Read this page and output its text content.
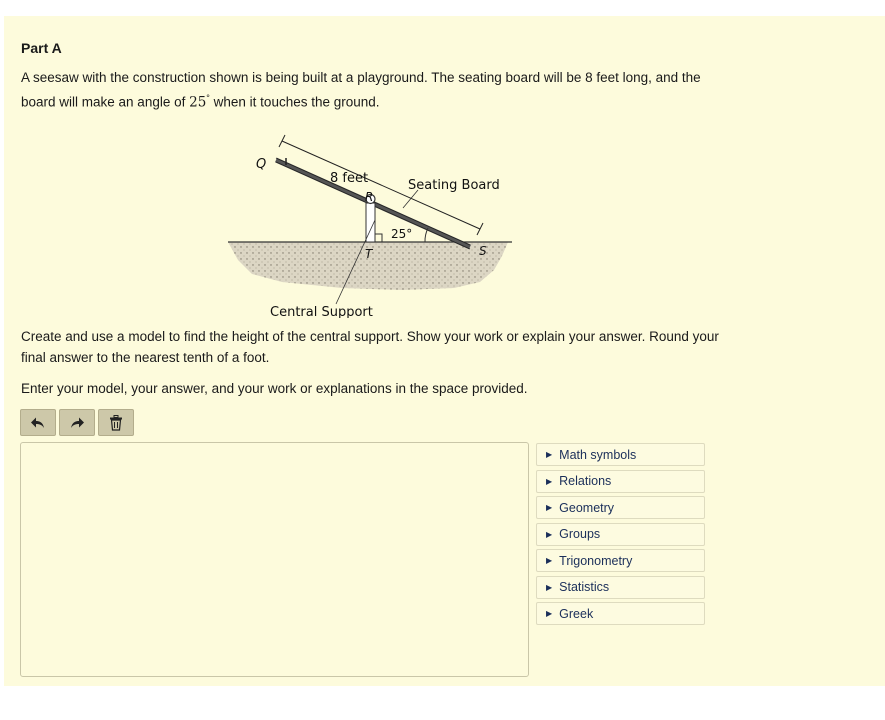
Part A

A seesaw with the construction shown is being built at a playground. The seating board will be 8 feet long, and the board will make an angle of 25° when it touches the ground.

Q
8 feet
R
Seating Board
25°
S
T
Central Support

Create and use a model to find the height of the central support. Show your work or explain your answer. Round your final answer to the nearest tenth of a foot.

Enter your model, your answer, and your work or explanations in the space provided.

▶ Math symbols
▶ Relations
▶ Geometry
▶ Groups
▶ Trigonometry
▶ Statistics
▶ Greek
